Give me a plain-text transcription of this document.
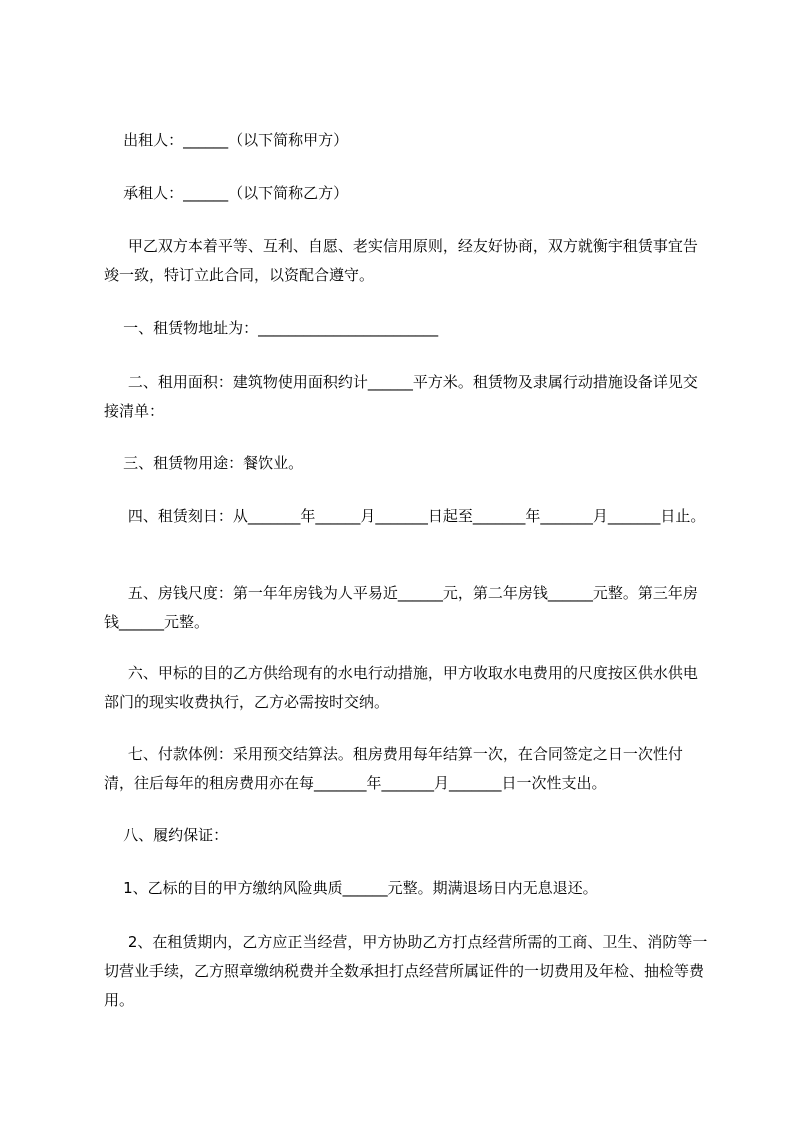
出租人：______（以下简称甲方）

承租人：______（以下简称乙方）

甲乙双方本着平等、互利、自愿、老实信用原则，经友好协商，双方就衡宇租赁事宜告竣一致，特订立此合同，以资配合遵守。

一、租赁物地址为：________________________

二、租用面积：建筑物使用面积约计______平方米。租赁物及隶属行动措施设备详见交接清单：

三、租赁物用途：餐饮业。

四、租赁刻日：从_______年______月_______日起至_______年_______月_______日止。

五、房钱尺度：第一年年房钱为人平易近______元，第二年房钱______元整。第三年房钱______元整。

六、甲标的目的乙方供给现有的水电行动措施，甲方收取水电费用的尺度按区供水供电部门的现实收费执行，乙方必需按时交纳。

七、付款体例：采用预交结算法。租房费用每年结算一次，在合同签定之日一次性付清，往后每年的租房费用亦在每_______年_______月_______日一次性支出。

八、履约保证：

1、乙标的目的甲方缴纳风险典质______元整。期满退场日内无息退还。

2、在租赁期内，乙方应正当经营，甲方协助乙方打点经营所需的工商、卫生、消防等一切营业手续，乙方照章缴纳税费并全数承担打点经营所属证件的一切费用及年检、抽检等费用。
